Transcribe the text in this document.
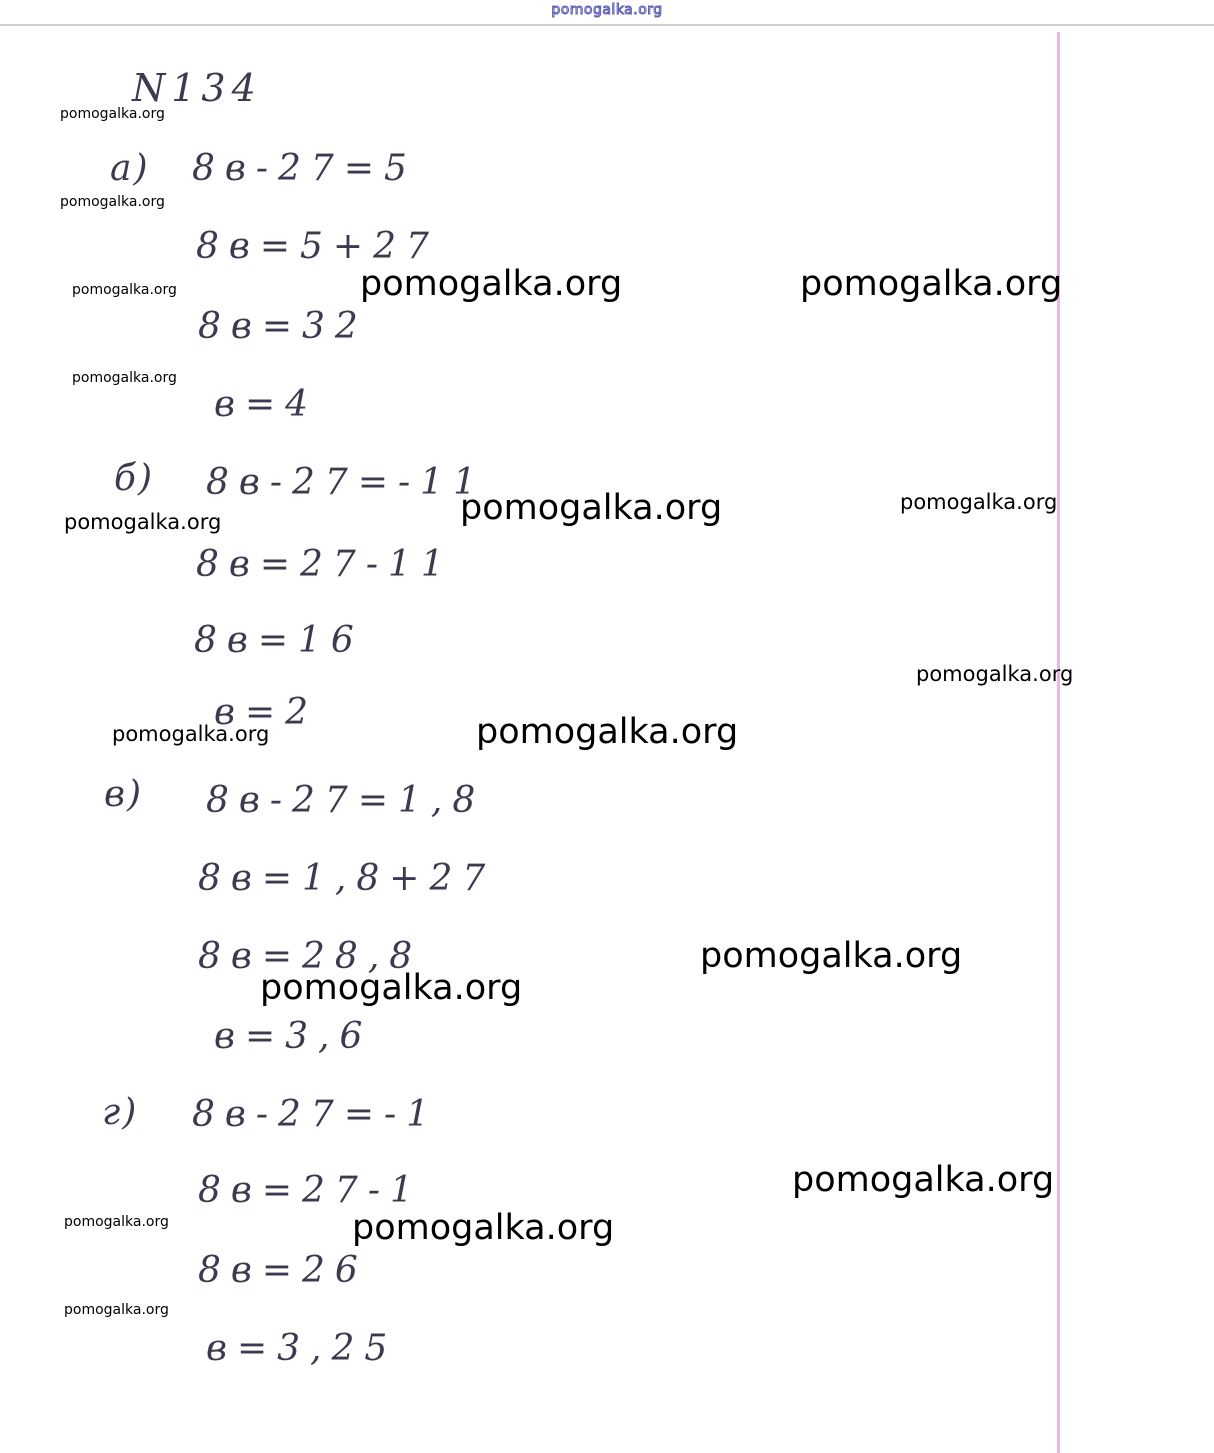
pomogalka.org
N134
а) 8в-27=5
8в=5+27
8в=32
в=4
б) 8в-27=-11
8в=27-11
8в=16
в=2
в) 8в-27=1,8
8в=1,8+27
8в=28,8
в=3,6
г) 8в-27=-1
8в=27-1
8в=26
в=3,25
pomogalka.org
pomogalka.org
pomogalka.org
pomogalka.org
pomogalka.org	pomogalka.org
pomogalka.org	pomogalka.org
pomogalka.org
pomogalka.org
pomogalka.org
pomogalka.org
pomogalka.org
pomogalka.org
pomogalka.org
pomogalka.org
pomogalka.org
pomogalka.org
